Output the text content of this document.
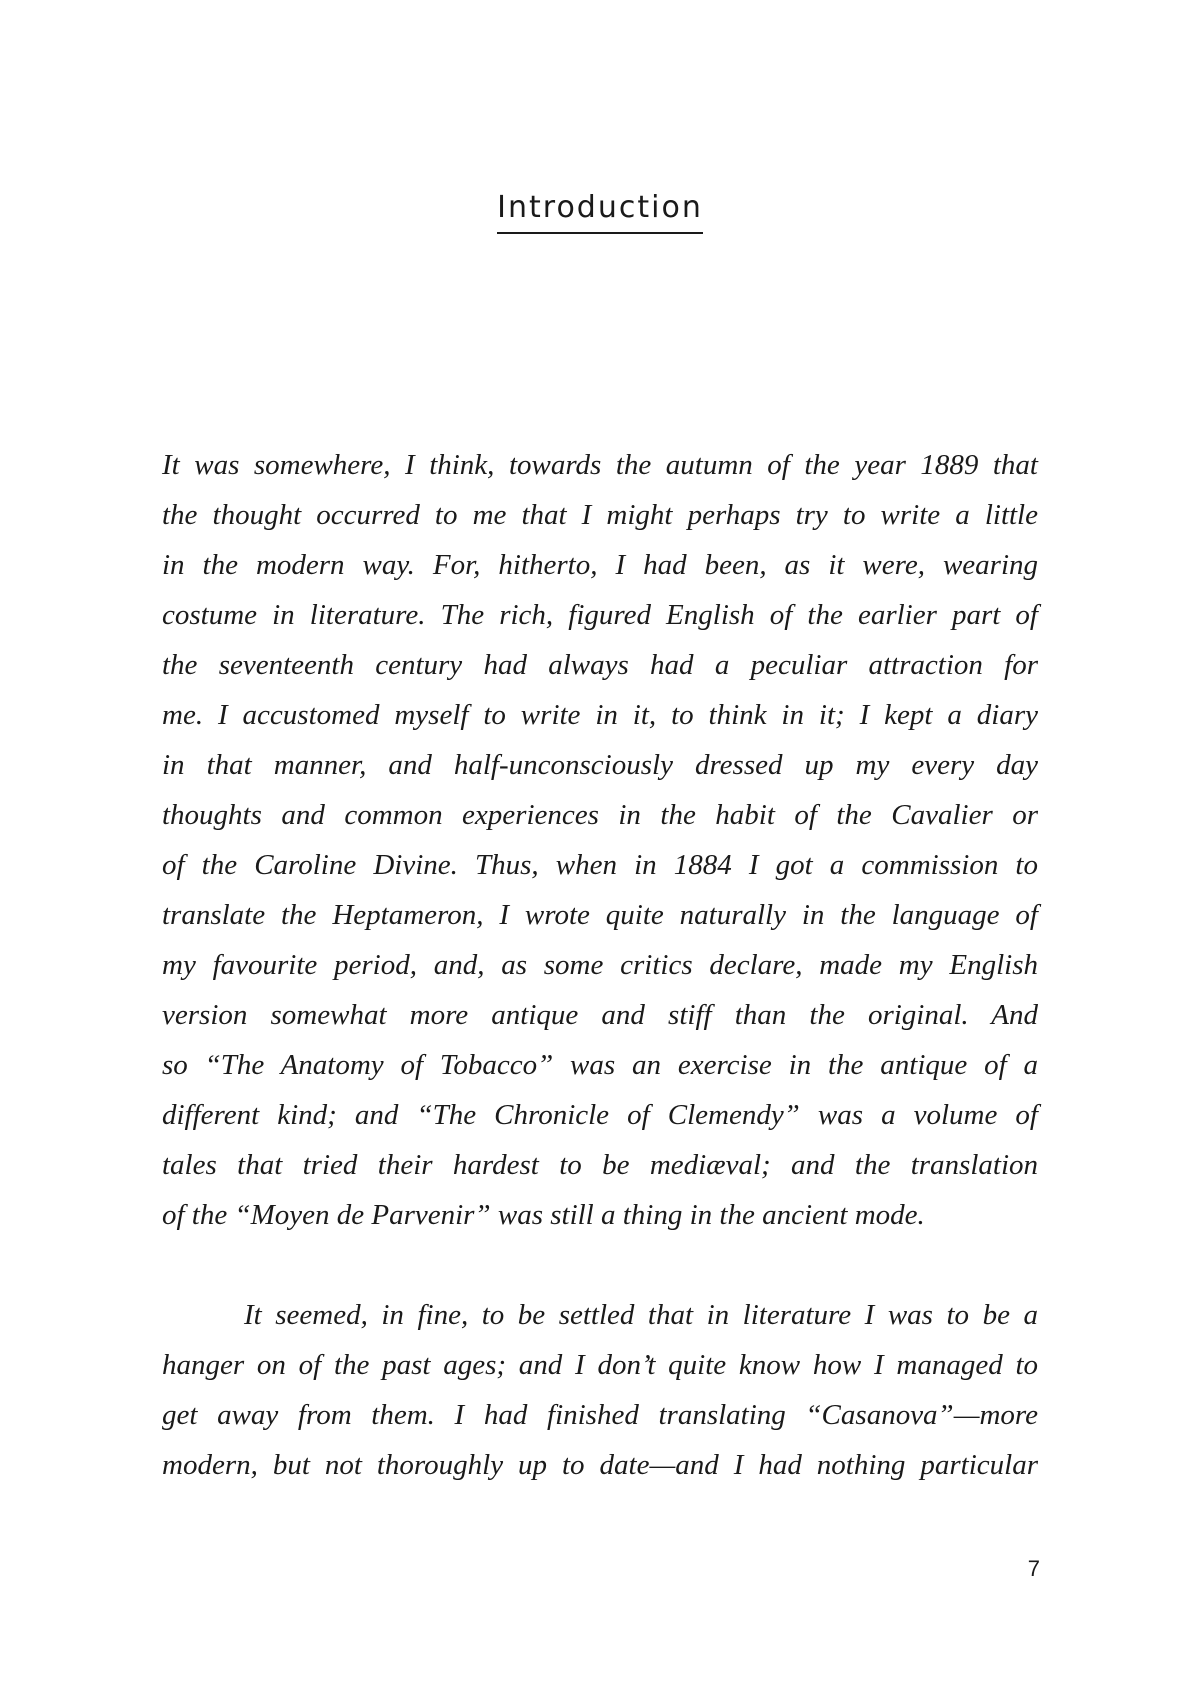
Introduction
It was somewhere, I think, towards the autumn of the year 1889 that
the thought occurred to me that I might perhaps try to write a little
in the modern way. For, hitherto, I had been, as it were, wearing
costume in literature. The rich, figured English of the earlier part of
the seventeenth century had always had a peculiar attraction for
me. I accustomed myself to write in it, to think in it; I kept a diary
in that manner, and half-unconsciously dressed up my every day
thoughts and common experiences in the habit of the Cavalier or
of the Caroline Divine. Thus, when in 1884 I got a commission to
translate the Heptameron, I wrote quite naturally in the language of
my favourite period, and, as some critics declare, made my English
version somewhat more antique and stiff than the original. And
so “The Anatomy of Tobacco” was an exercise in the antique of a
different kind; and “The Chronicle of Clemendy” was a volume of
tales that tried their hardest to be mediæval; and the translation
of the “Moyen de Parvenir” was still a thing in the ancient mode.
It seemed, in fine, to be settled that in literature I was to be a
hanger on of the past ages; and I don’t quite know how I managed to
get away from them. I had finished translating “Casanova”—more
modern, but not thoroughly up to date—and I had nothing particular
7
